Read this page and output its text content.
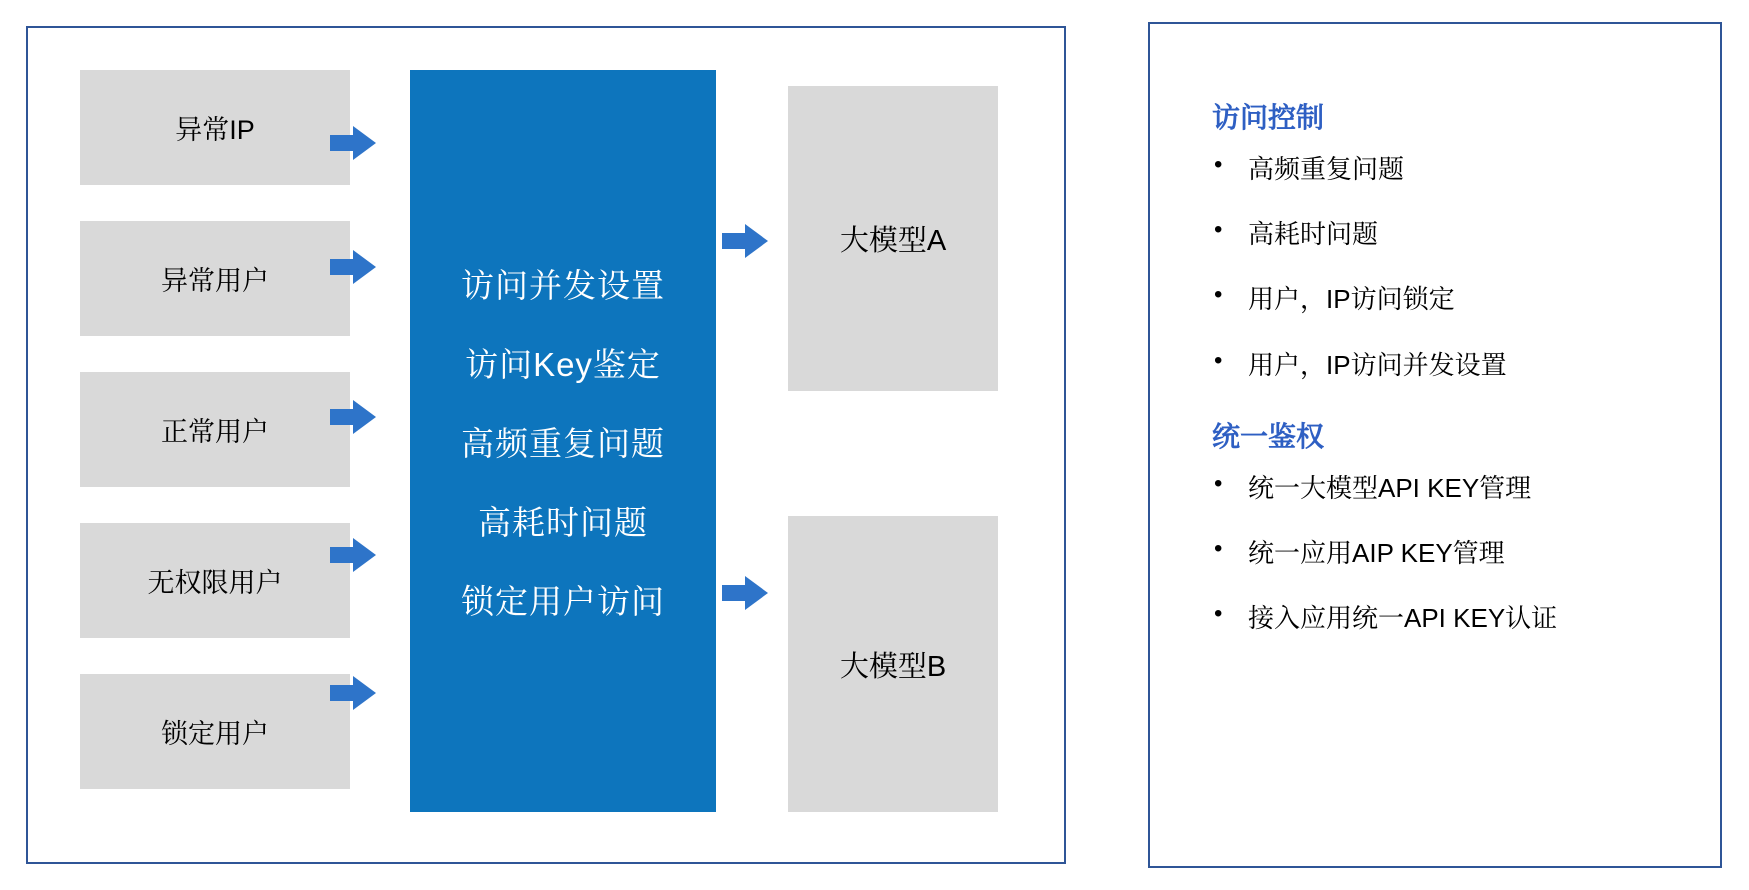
异常IP
异常用户
正常用户
无权限用户
锁定用户
访问并发设置
访问Key鉴定
高频重复问题
高耗时问题
锁定用户访问
大模型A
大模型B
访问控制
• 高频重复问题
• 高耗时问题
• 用户，IP访问锁定
• 用户，IP访问并发设置
统一鉴权
• 统一大模型API KEY管理
• 统一应用AIP KEY管理
• 接入应用统一API KEY认证
